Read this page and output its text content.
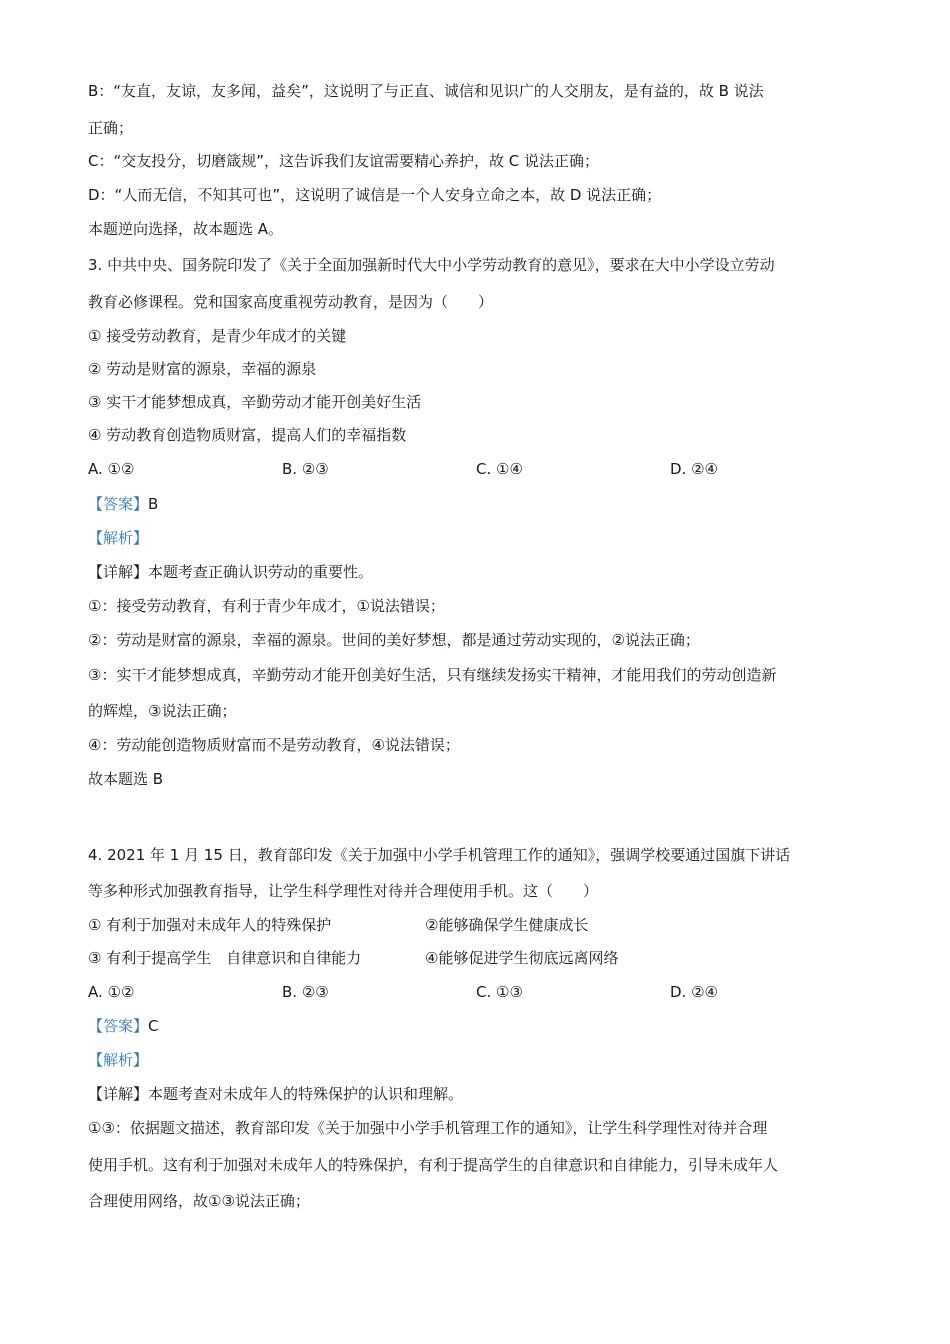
B：“友直，友谅，友多闻，益矣”，这说明了与正直、诚信和见识广的人交朋友，是有益的，故 B 说法
正确；
C：“交友投分，切磨箴规”，这告诉我们友谊需要精心养护，故 C 说法正确；
D：“人而无信，不知其可也”，这说明了诚信是一个人安身立命之本，故 D 说法正确；
本题逆向选择，故本题选 A。
3. 中共中央、国务院印发了《关于全面加强新时代大中小学劳动教育的意见》，要求在大中小学设立劳动
教育必修课程。党和国家高度重视劳动教育，是因为（　　）
① 接受劳动教育，是青少年成才的关键
② 劳动是财富的源泉，幸福的源泉
③ 实干才能梦想成真，辛勤劳动才能开创美好生活
④ 劳动教育创造物质财富，提高人们的幸福指数
A. ①②	B. ②③	C. ①④	D. ②④
【答案】B
【解析】
【详解】本题考查正确认识劳动的重要性。
①：接受劳动教育，有利于青少年成才，①说法错误；
②：劳动是财富的源泉，幸福的源泉。世间的美好梦想，都是通过劳动实现的，②说法正确；
③：实干才能梦想成真，辛勤劳动才能开创美好生活，只有继续发扬实干精神，才能用我们的劳动创造新
的辉煌，③说法正确；
④：劳动能创造物质财富而不是劳动教育，④说法错误；
故本题选 B
4. 2021 年 1 月 15 日，教育部印发《关于加强中小学手机管理工作的通知》，强调学校要通过国旗下讲话
等多种形式加强教育指导，让学生科学理性对待并合理使用手机。这（　　）
① 有利于加强对未成年人的特殊保护	②能够确保学生健康成长
③ 有利于提高学生　自律意识和自律能力	④能够促进学生彻底远离网络
A. ①②	B. ②③	C. ①③	D. ②④
【答案】C
【解析】
【详解】本题考查对未成年人的特殊保护的认识和理解。
①③：依据题文描述，教育部印发《关于加强中小学手机管理工作的通知》，让学生科学理性对待并合理
使用手机。这有利于加强对未成年人的特殊保护，有利于提高学生的自律意识和自律能力，引导未成年人
合理使用网络，故①③说法正确；
